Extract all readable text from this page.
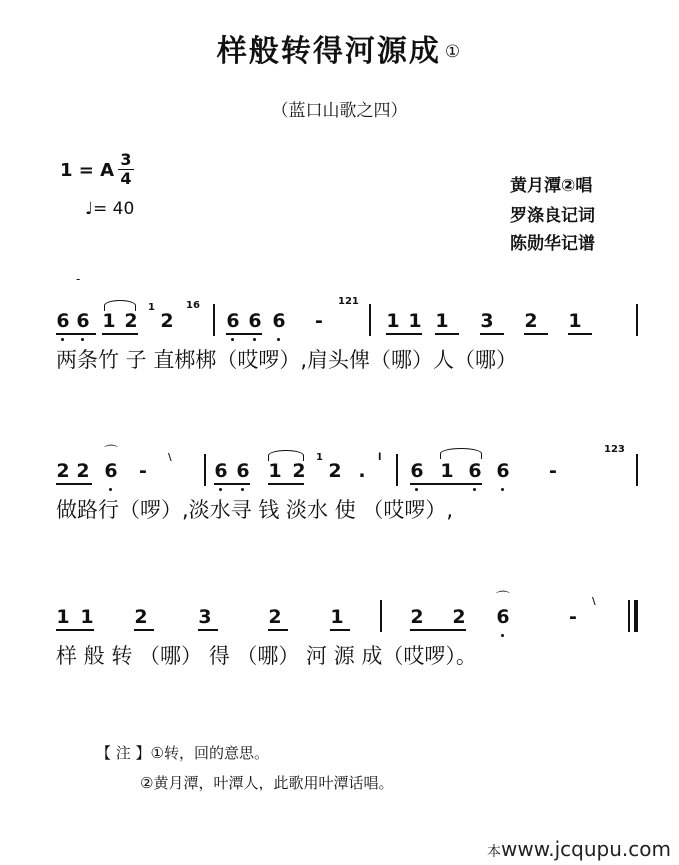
样般转得河源成 ①
（蓝口山歌之四）
1 = A
3
4
♩= 40
黄月潭②唱
罗涤良记词
陈勋华记谱
-
6 6 1 2
1
2
16
6 6 6 -
121
1 1 1 3 2 1
两条竹 子 直梆梆（哎啰）,肩头俾（哪）人（哪）
2 2 6
⌒
-
\
6 6 1 2
1
2 .
l
6 1 6 6 -
123
做路行（啰）,淡水寻 钱 淡水 使 （哎啰）,
1 1 2	3	2	1	2 2 6
⌒
-
\
样 般 转 （哪） 得 （哪） 河 源 成（哎啰）。
【 注 】①转，回的意思。
②黄月潭，叶潭人，此歌用叶潭话唱。
本www.jcqupu.com
